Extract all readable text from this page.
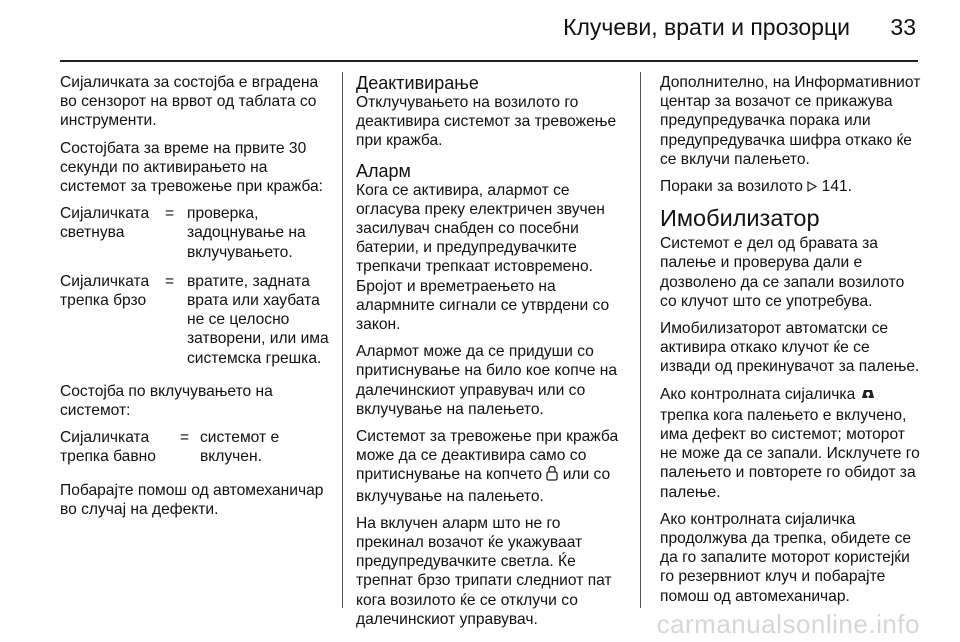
Клучеви, врати и прозорци 33

Сијаличката за состојба е вградена во сензорот на врвот од таблата со инструменти.

Состојбата за време на првите 30 секунди по активирањето на системот за тревожење при кражба:

Сијаличката светнува
= проверка, задоцнување на вклучувањето.
Сијаличката трепка брзо
= вратите, задната врата или хаубата не се целосно затворени, или има системска грешка.

Состојба по вклучувањето на системот:

Сијаличката трепка бавно
= системот е вклучен.

Побарајте помош од автомеханичар во случај на дефекти.

Деактивирање

Отклучувањето на возилото го деактивира системот за тревожење при кражба.

Аларм

Кога се активира, алармот се огласува преку електричен звучен засилувач снабден со посебни батерии, и предупредувачките трепкачи трепкаат истовремено. Бројот и времетраењето на алармните сигнали се утврдени со закон.

Алармот може да се придуши со притиснување на било кое копче на далечинскиот управувач или со вклучување на палењето.

Системот за тревожење при кражба може да се деактивира само со притиснување на копчето или со вклучување на палењето.

На вклучен аларм што не го прекинал возачот ќе укажуваат предупредувачките светла. Ќе трепнат брзо трипати следниот пат кога возилото ќе се отклучи со далечинскиот управувач.

Дополнително, на Информативниот центар за возачот се прикажува предупредувачка порака или предупредувачка шифра откако ќе се вклучи палењето.

Пораки за возилото 141.

Имобилизатор

Системот е дел од бравата за палење и проверува дали е дозволено да се запали возилото со клучот што се употребува.

Имобилизаторот автоматски се активира откако клучот ќе се извади од прекинувачот за палење.

Ако контролната сијаличка  трепка кога палењето е вклучено, има дефект во системот; моторот не може да се запали. Исклучете го палењето и повторете го обидот за палење.

Ако контролната сијаличка продолжува да трепка, обидете се да го запалите моторот користејќи го резервниот клуч и побарајте помош од автомеханичар.

carmanualsonline.info
